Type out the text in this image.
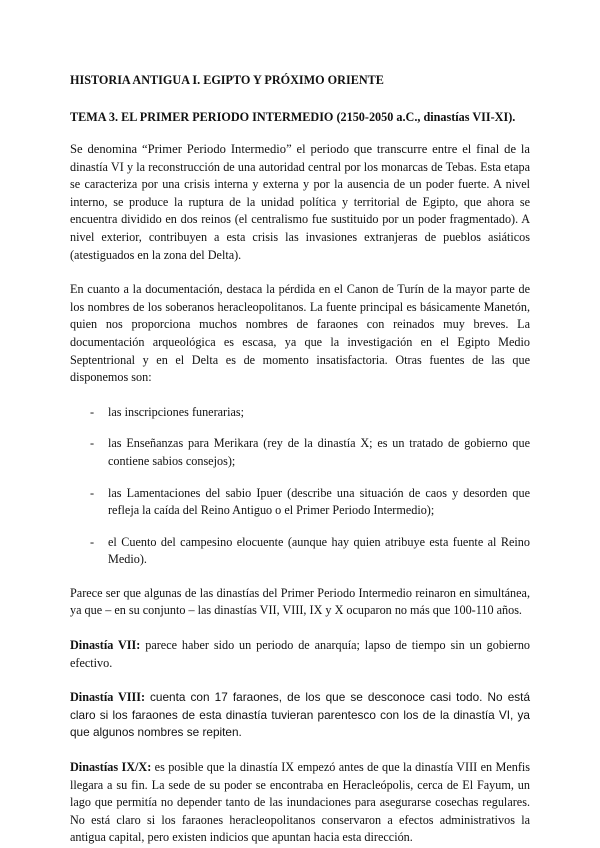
HISTORIA ANTIGUA I. EGIPTO Y PRÓXIMO ORIENTE
TEMA 3. EL PRIMER PERIODO INTERMEDIO (2150-2050 a.C., dinastías VII-XI).

Se denomina “Primer Periodo Intermedio” el periodo que transcurre entre el final de la dinastía VI y la reconstrucción de una autoridad central por los monarcas de Tebas. Esta etapa se caracteriza por una crisis interna y externa y por la ausencia de un poder fuerte. A nivel interno, se produce la ruptura de la unidad política y territorial de Egipto, que ahora se encuentra dividido en dos reinos (el centralismo fue sustituido por un poder fragmentado). A nivel exterior, contribuyen a esta crisis las invasiones extranjeras de pueblos asiáticos (atestiguados en la zona del Delta).

En cuanto a la documentación, destaca la pérdida en el Canon de Turín de la mayor parte de los nombres de los soberanos heracleopolitanos. La fuente principal es básicamente Manetón, quien nos proporciona muchos nombres de faraones con reinados muy breves. La documentación arqueológica es escasa, ya que la investigación en el Egipto Medio Septentrional y en el Delta es de momento insatisfactoria. Otras fuentes de las que disponemos son:

- las inscripciones funerarias;
- las Enseñanzas para Merikara (rey de la dinastía X; es un tratado de gobierno que contiene sabios consejos);
- las Lamentaciones del sabio Ipuer (describe una situación de caos y desorden que refleja la caída del Reino Antiguo o el Primer Periodo Intermedio);
- el Cuento del campesino elocuente (aunque hay quien atribuye esta fuente al Reino Medio).

Parece ser que algunas de las dinastías del Primer Periodo Intermedio reinaron en simultánea, ya que – en su conjunto – las dinastías VII, VIII, IX y X ocuparon no más que 100-110 años.

Dinastía VII: parece haber sido un periodo de anarquía; lapso de tiempo sin un gobierno efectivo.

Dinastía VIII: cuenta con 17 faraones, de los que se desconoce casi todo. No está claro si los faraones de esta dinastía tuvieran parentesco con los de la dinastía VI, ya que algunos nombres se repiten.

Dinastías IX/X: es posible que la dinastía IX empezó antes de que la dinastía VIII en Menfis llegara a su fin. La sede de su poder se encontraba en Heracleópolis, cerca de El Fayum, un lago que permitía no depender tanto de las inundaciones para asegurarse cosechas regulares. No está claro si los faraones heracleopolitanos conservaron a efectos administrativos la antigua capital, pero existen indicios que apuntan hacia esta dirección.
